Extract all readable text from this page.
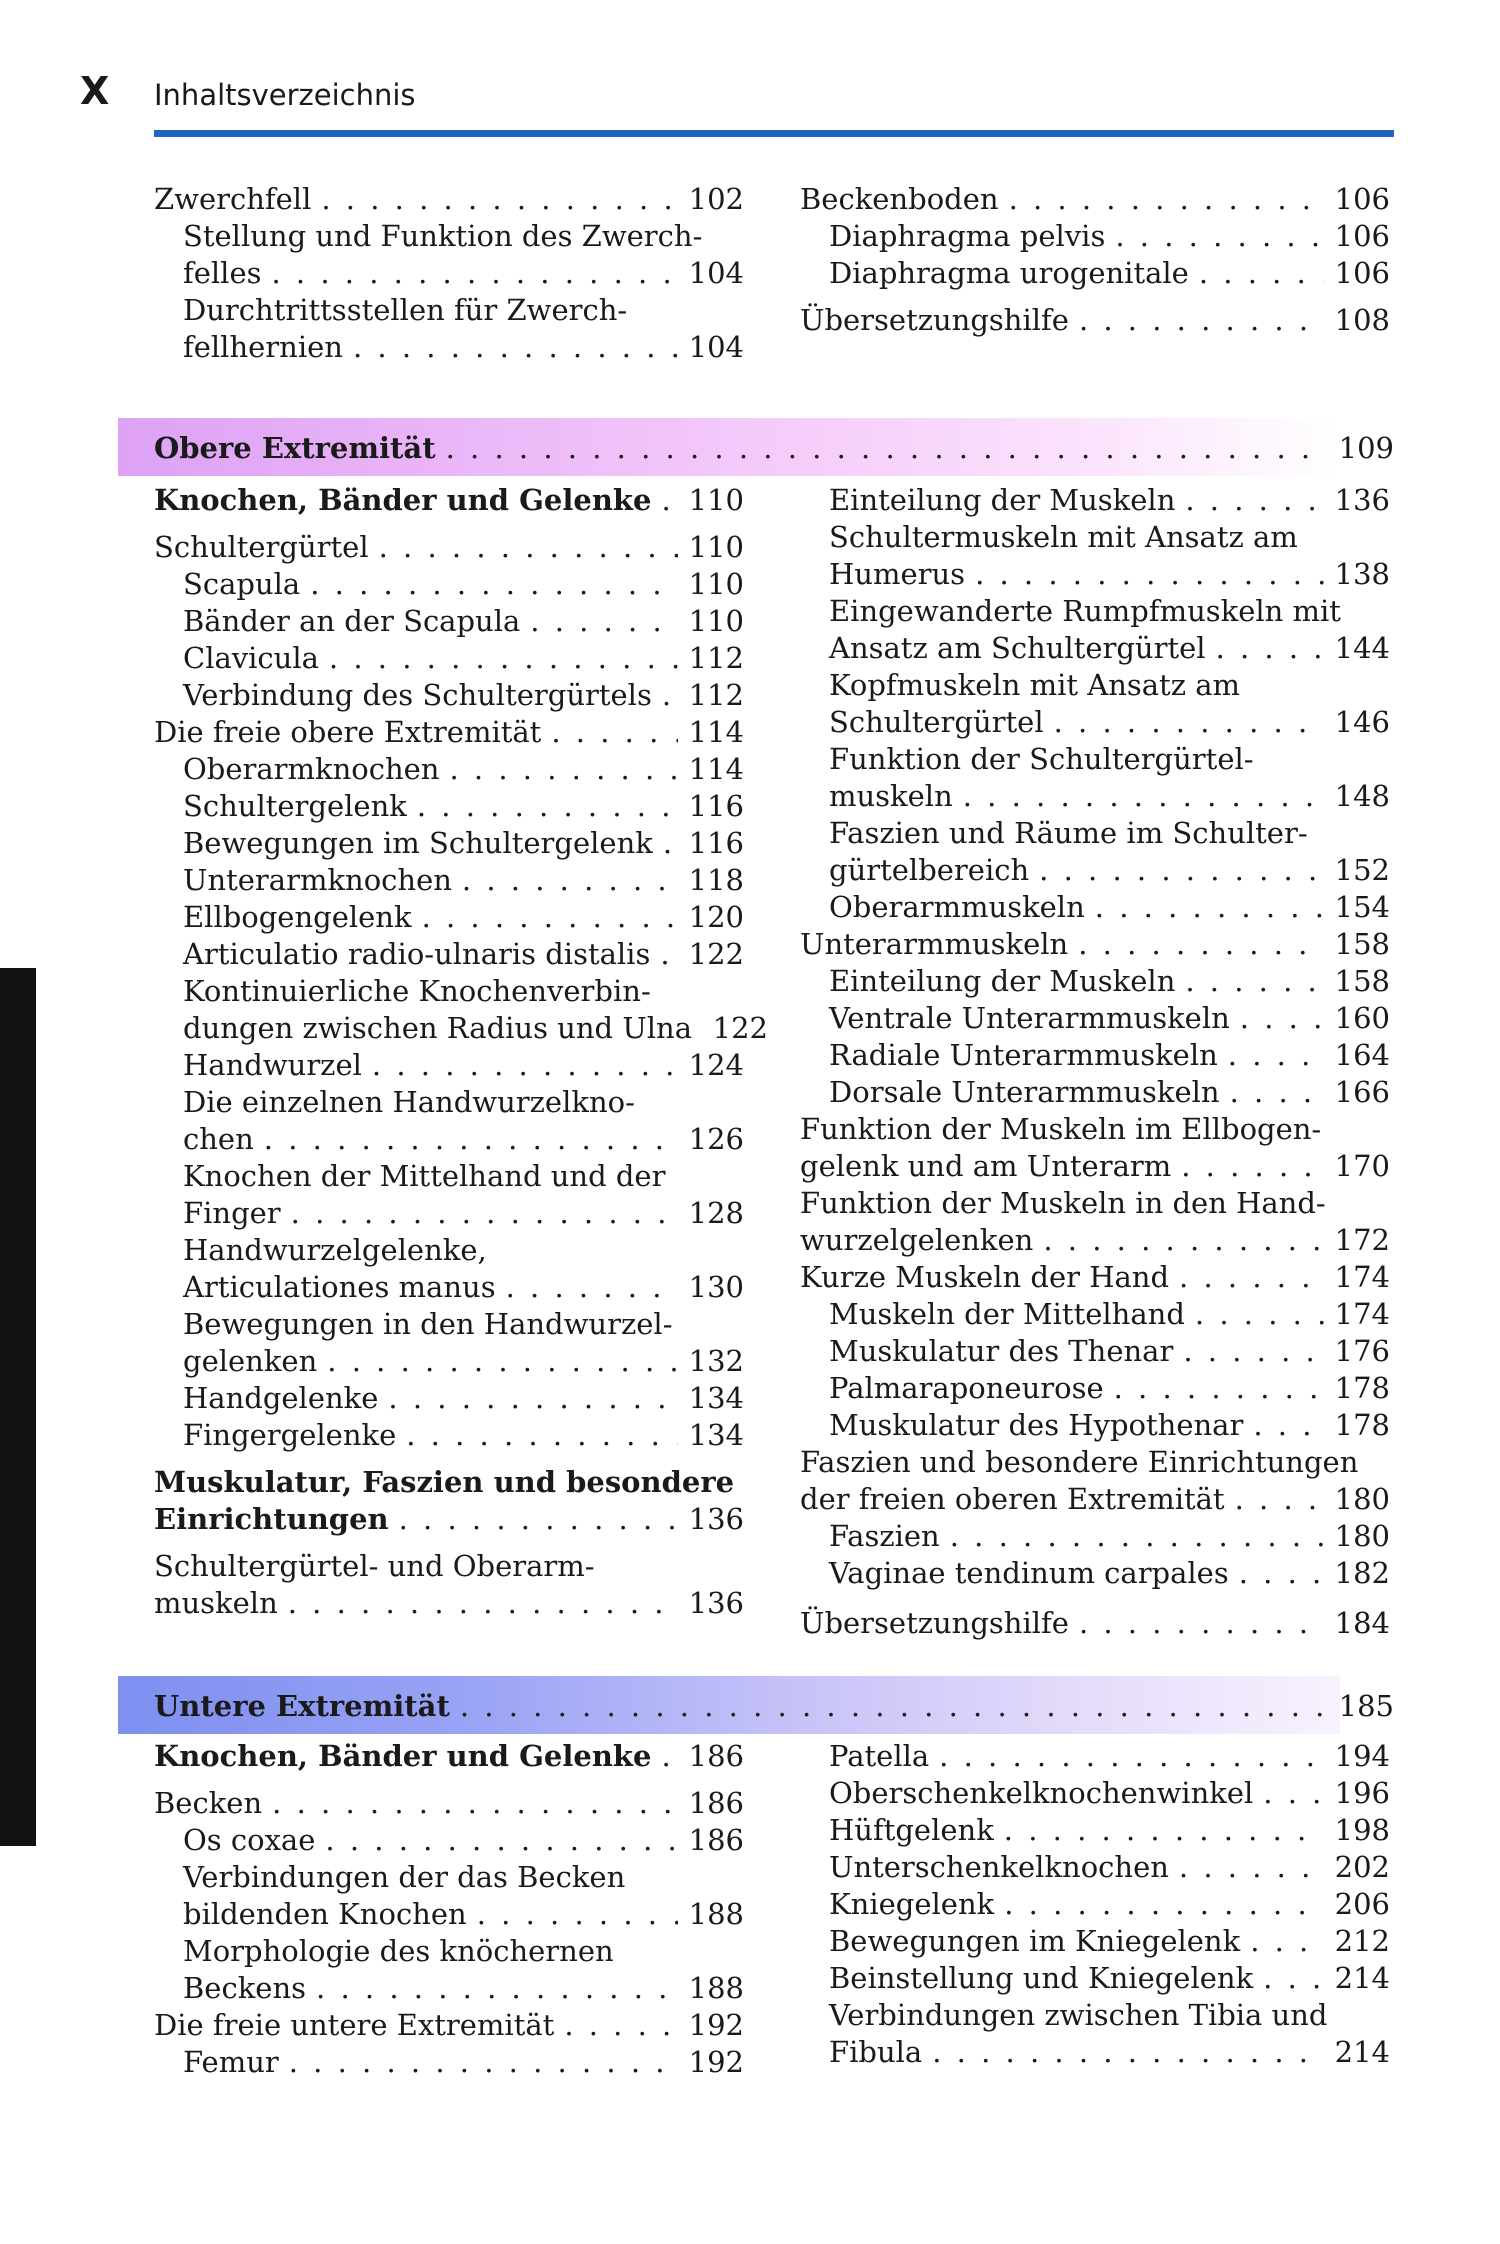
X Inhaltsverzeichnis
Zwerchfell . . .	102
Stellung und Funktion des Zwerch-
felles . . .	104
Durchtrittsstellen für Zwerch-
fellhernien . . .	104
Beckenboden . . .	106
Diaphragma pelvis . . .	106
Diaphragma urogenitale . . .	106
Übersetzungshilfe . . .	108
Obere Extremität . . .	109
Knochen, Bänder und Gelenke . . . 110
Schultergürtel . . .	110
Scapula . . .	110
Bänder an der Scapula . . .	110
Clavicula . . .	112
Verbindung des Schultergürtels . . . 112
Die freie obere Extremität . . .	114
Oberarmknochen . . .	114
Schultergelenk . . .	116
Bewegungen im Schultergelenk . . . 116
Unterarmknochen . . .	118
Ellbogengelenk . . .	120
Articulatio radio-ulnaris distalis . . . 122
Kontinuierliche Knochenverbin-
dungen zwischen Radius und Ulna 122
Handwurzel . . .	124
Die einzelnen Handwurzelkno-
chen . . .	126
Knochen der Mittelhand und der
Finger . . .	128
Handwurzelgelenke,
Articulationes manus . . .	130
Bewegungen in den Handwurzel-
gelenken . . .	132
Handgelenke . . .	134
Fingergelenke . . .	134
Muskulatur, Faszien und besondere
Einrichtungen . . .	136
Schultergürtel- und Oberarm-
muskeln . . .	136
Einteilung der Muskeln . . .	136
Schultermuskeln mit Ansatz am
Humerus . . .	138
Eingewanderte Rumpfmuskeln mit
Ansatz am Schultergürtel . . .	144
Kopfmuskeln mit Ansatz am
Schultergürtel . . .	146
Funktion der Schultergürtel-
muskeln . . .	148
Faszien und Räume im Schulter-
gürtelbereich . . .	152
Oberarmmuskeln . . .	154
Unterarmmuskeln . . .	158
Einteilung der Muskeln . . .	158
Ventrale Unterarmmuskeln . . .	160
Radiale Unterarmmuskeln . . .	164
Dorsale Unterarmmuskeln . . .	166
Funktion der Muskeln im Ellbogen-
gelenk und am Unterarm . . .	170
Funktion der Muskeln in den Hand-
wurzelgelenken . . .	172
Kurze Muskeln der Hand . . .	174
Muskeln der Mittelhand . . .	174
Muskulatur des Thenar . . .	176
Palmaraponeurose . . .	178
Muskulatur des Hypothenar . . .	178
Faszien und besondere Einrichtungen
der freien oberen Extremität . . .	180
Faszien . . .	180
Vaginae tendinum carpales . . .	182
Übersetzungshilfe . . .	184
Untere Extremität . . .	185
Knochen, Bänder und Gelenke . . . 186
Becken . . .	186
Os coxae . . .	186
Verbindungen der das Becken
bildenden Knochen . . .	188
Morphologie des knöchernen
Beckens . . .	188
Die freie untere Extremität . . .	192
Femur . . .	192
Patella . . .	194
Oberschenkelknochenwinkel . . .	196
Hüftgelenk . . .	198
Unterschenkelknochen . . .	202
Kniegelenk . . .	206
Bewegungen im Kniegelenk . . .	212
Beinstellung und Kniegelenk . . .	214
Verbindungen zwischen Tibia und
Fibula . . .	214
